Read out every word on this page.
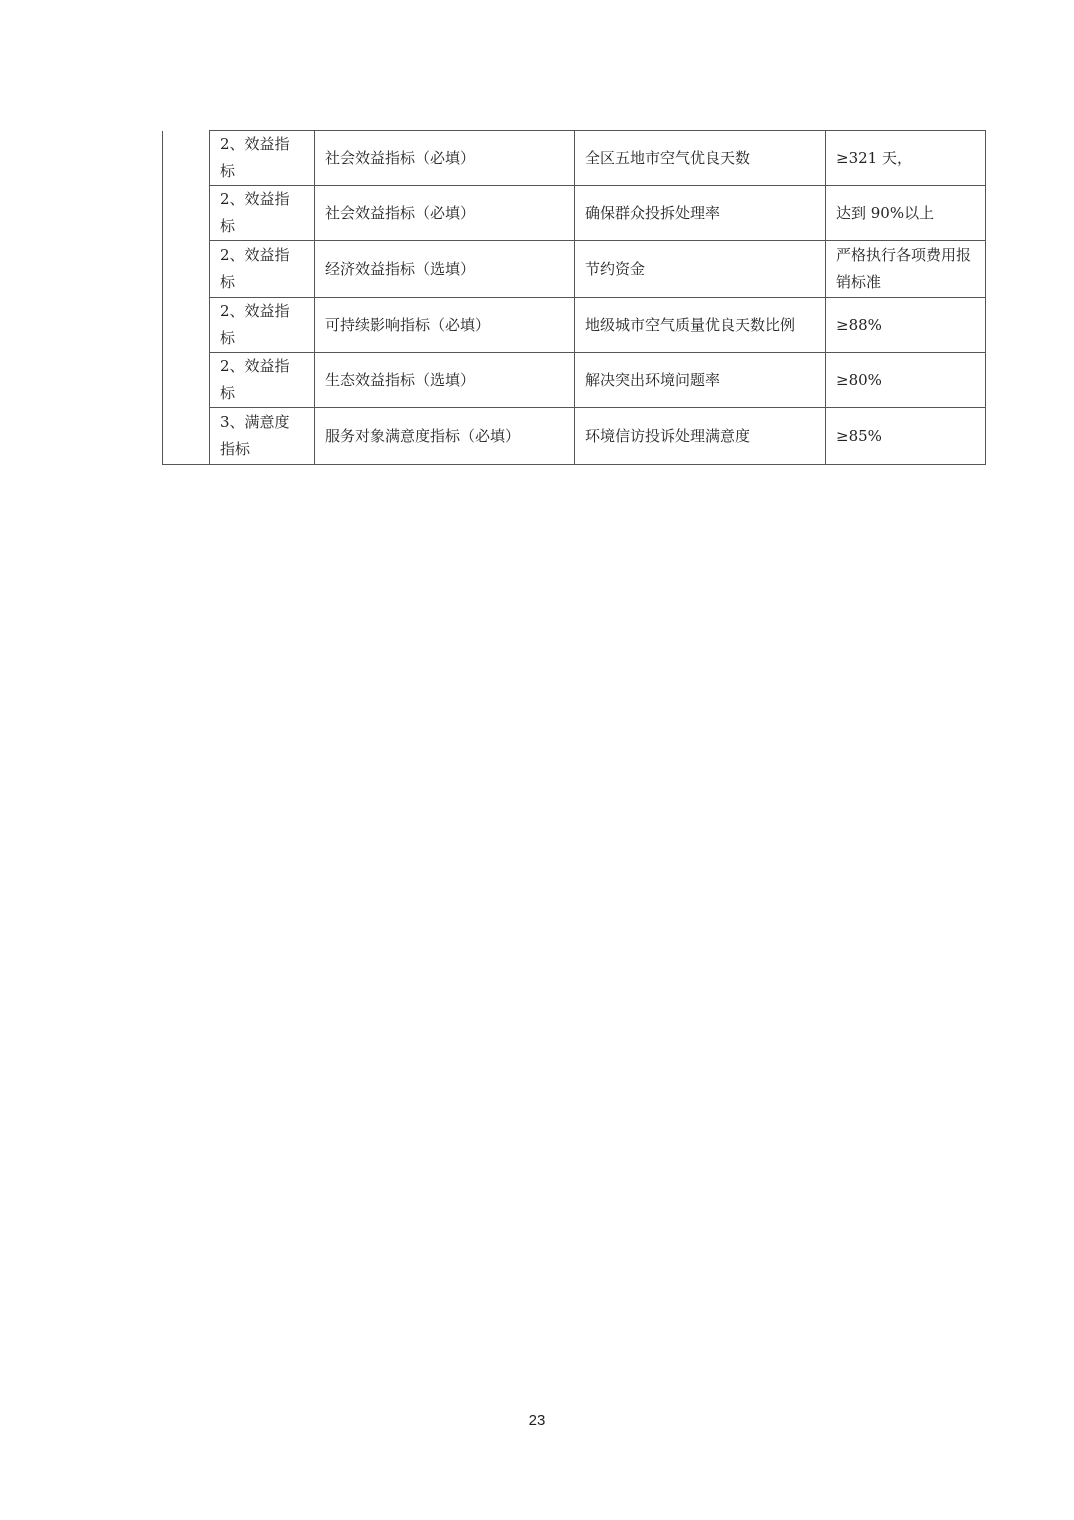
	2、效益指标	社会效益指标（必填）	全区五地市空气优良天数	≥321 天，
	2、效益指标	社会效益指标（必填）	确保群众投拆处理率	达到 90%以上
	2、效益指标	经济效益指标（选填）	节约资金	严格执行各项费用报销标准
	2、效益指标	可持续影响指标（必填）	地级城市空气质量优良天数比例	≥88%
	2、效益指标	生态效益指标（选填）	解决突出环境问题率	≥80%
	3、满意度指标	服务对象满意度指标（必填）	环境信访投诉处理满意度	≥85%
23
